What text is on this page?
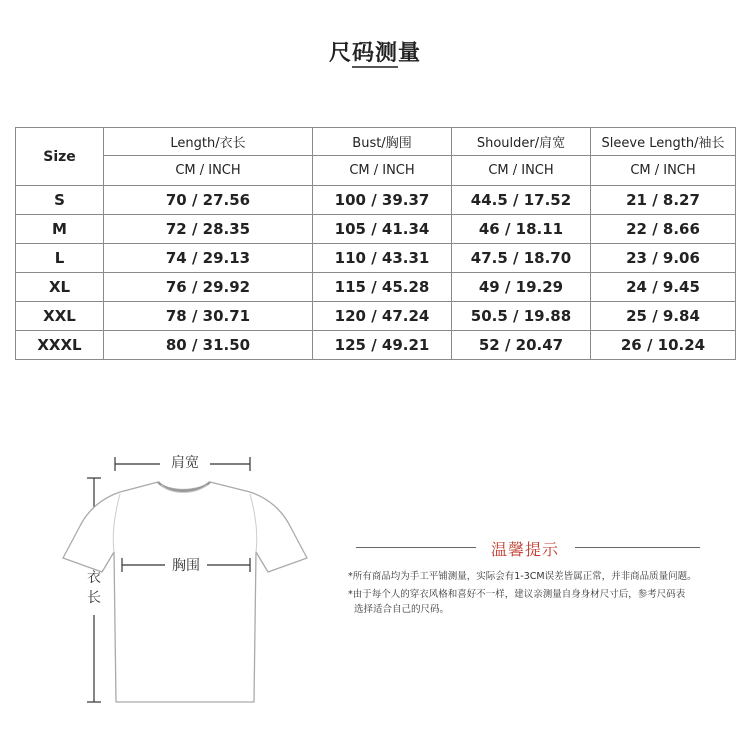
尺码测量
Size	Length/衣长	Bust/胸围	Shoulder/肩宽	Sleeve Length/袖长
	CM / INCH	CM / INCH	CM / INCH	CM / INCH
S	70 / 27.56	100 / 39.37	44.5 / 17.52	21 / 8.27
M	72 / 28.35	105 / 41.34	46 / 18.11	22 / 8.66
L	74 / 29.13	110 / 43.31	47.5 / 18.70	23 / 9.06
XL	76 / 29.92	115 / 45.28	49 / 19.29	24 / 9.45
XXL	78 / 30.71	120 / 47.24	50.5 / 19.88	25 / 9.84
XXXL	80 / 31.50	125 / 49.21	52 / 20.47	26 / 10.24
肩宽
胸围
衣
长
温馨提示
*所有商品均为手工平铺测量，实际会有1-3CM误差皆属正常，并非商品质量问题。
*由于每个人的穿衣风格和喜好不一样，建议亲测量自身身材尺寸后，参考尺码表
选择适合自己的尺码。
